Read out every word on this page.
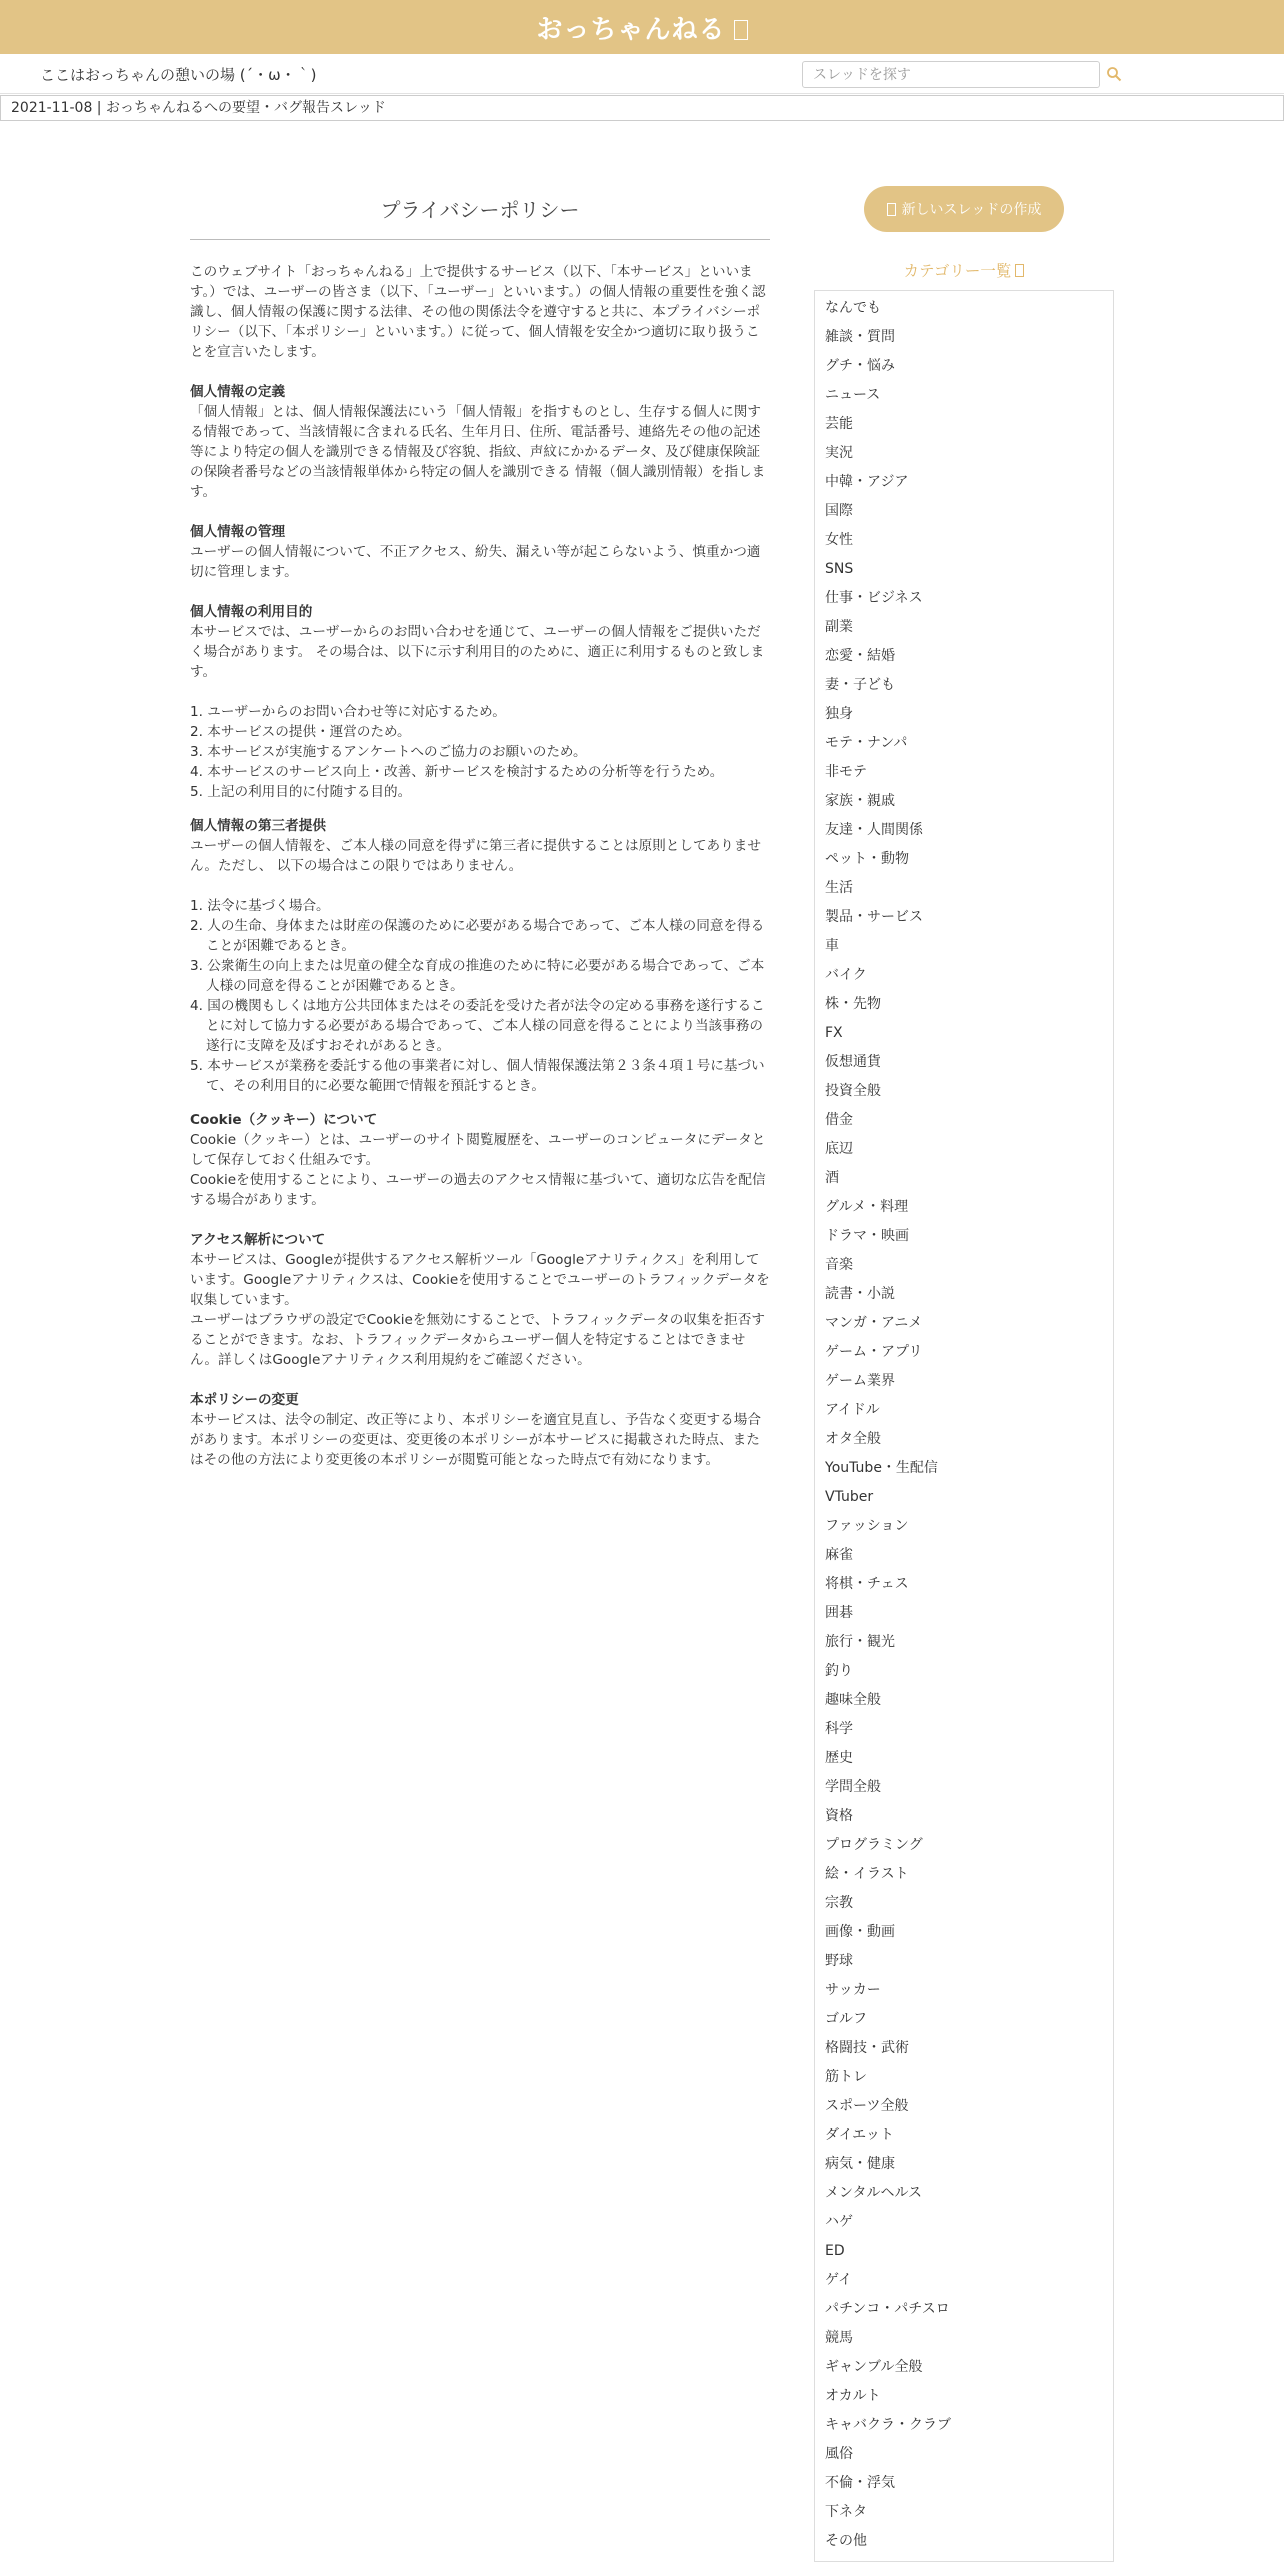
おっちゃんねる
ここはおっちゃんの憩いの場 (´・ω・｀)
スレッドを探す
2021-11-08 | おっちゃんねるへの要望・バグ報告スレッド
プライバシーポリシー

このウェブサイト「おっちゃんねる」上で提供するサービス（以下、「本サービス」といいます。）では、ユーザーの皆さま（以下、「ユーザー」といいます。）の個人情報の重要性を強く認識し、個人情報の保護に関する法律、その他の関係法令を遵守すると共に、本プライバシーポリシー（以下、「本ポリシー」といいます。）に従って、個人情報を安全かつ適切に取り扱うことを宣言いたします。

個人情報の定義
「個人情報」とは、個人情報保護法にいう「個人情報」を指すものとし、生存する個人に関する情報であって、当該情報に含まれる氏名、生年月日、住所、電話番号、連絡先その他の記述等により特定の個人を識別できる情報及び容貌、指紋、声紋にかかるデータ、及び健康保険証の保険者番号などの当該情報単体から特定の個人を識別できる 情報（個人識別情報）を指します。
個人情報の管理
ユーザーの個人情報について、不正アクセス、紛失、漏えい等が起こらないよう、慎重かつ適切に管理します。
個人情報の利用目的
本サービスでは、ユーザーからのお問い合わせを通じて、ユーザーの個人情報をご提供いただく場合があります。 その場合は、以下に示す利用目的のために、適正に利用するものと致します。
1. ユーザーからのお問い合わせ等に対応するため。
2. 本サービスの提供・運営のため。
3. 本サービスが実施するアンケートへのご協力のお願いのため。
4. 本サービスのサービス向上・改善、新サービスを検討するための分析等を行うため。
5. 上記の利用目的に付随する目的。
個人情報の第三者提供
ユーザーの個人情報を、ご本人様の同意を得ずに第三者に提供することは原則としてありません。ただし、 以下の場合はこの限りではありません。
1. 法令に基づく場合。
2. 人の生命、身体または財産の保護のために必要がある場合であって、ご本人様の同意を得ることが困難であるとき。
3. 公衆衛生の向上または児童の健全な育成の推進のために特に必要がある場合であって、ご本人様の同意を得ることが困難であるとき。
4. 国の機関もしくは地方公共団体またはその委託を受けた者が法令の定める事務を遂行することに対して協力する必要がある場合であって、ご本人様の同意を得ることにより当該事務の遂行に支障を及ぼすおそれがあるとき。
5. 本サービスが業務を委託する他の事業者に対し、個人情報保護法第２３条４項１号に基づいて、その利用目的に必要な範囲で情報を預託するとき。
Cookie（クッキー）について
Cookie（クッキー）とは、ユーザーのサイト閲覧履歴を、ユーザーのコンピュータにデータとして保存しておく仕組みです。
Cookieを使用することにより、ユーザーの過去のアクセス情報に基づいて、適切な広告を配信する場合があります。
アクセス解析について
本サービスは、Googleが提供するアクセス解析ツール「Googleアナリティクス」を利用しています。Googleアナリティクスは、Cookieを使用することでユーザーのトラフィックデータを収集しています。
ユーザーはブラウザの設定でCookieを無効にすることで、トラフィックデータの収集を拒否することができます。なお、トラフィックデータからユーザー個人を特定することはできません。詳しくはGoogleアナリティクス利用規約をご確認ください。
本ポリシーの変更
本サービスは、法令の制定、改正等により、本ポリシーを適宜見直し、予告なく変更する場合があります。本ポリシーの変更は、変更後の本ポリシーが本サービスに掲載された時点、またはその他の方法により変更後の本ポリシーが閲覧可能となった時点で有効になります。
新しいスレッドの作成
カテゴリー一覧
なんでも
雑談・質問
グチ・悩み
ニュース
芸能
実況
中韓・アジア
国際
女性
SNS
仕事・ビジネス
副業
恋愛・結婚
妻・子ども
独身
モテ・ナンパ
非モテ
家族・親戚
友達・人間関係
ペット・動物
生活
製品・サービス
車
バイク
株・先物
FX
仮想通貨
投資全般
借金
底辺
酒
グルメ・料理
ドラマ・映画
音楽
読書・小説
マンガ・アニメ
ゲーム・アプリ
ゲーム業界
アイドル
オタ全般
YouTube・生配信
VTuber
ファッション
麻雀
将棋・チェス
囲碁
旅行・観光
釣り
趣味全般
科学
歴史
学問全般
資格
プログラミング
絵・イラスト
宗教
画像・動画
野球
サッカー
ゴルフ
格闘技・武術
筋トレ
スポーツ全般
ダイエット
病気・健康
メンタルヘルス
ハゲ
ED
ゲイ
パチンコ・パチスロ
競馬
ギャンブル全般
オカルト
キャバクラ・クラブ
風俗
不倫・浮気
下ネタ
その他
